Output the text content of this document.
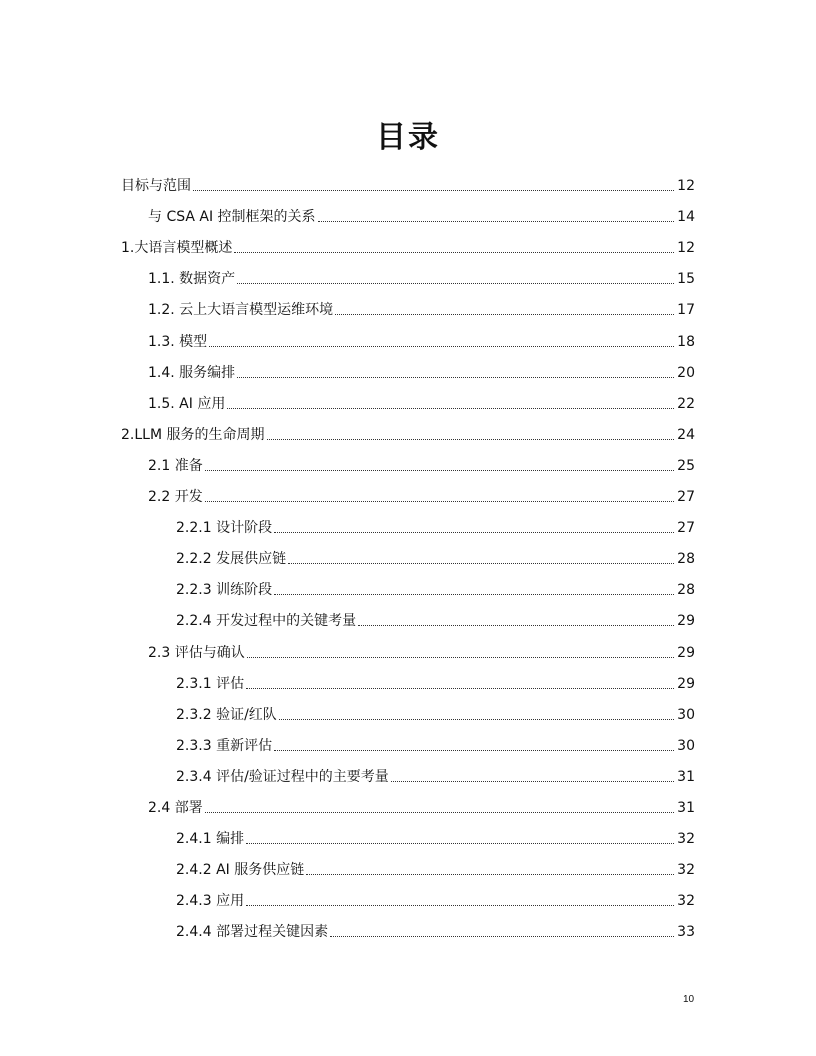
目录
目标与范围	12
与 CSA AI 控制框架的关系	14
1.大语言模型概述	12
1.1. 数据资产	15
1.2. 云上大语言模型运维环境	17
1.3. 模型	18
1.4. 服务编排	20
1.5. AI 应用	22
2.LLM 服务的生命周期	24
2.1 准备	25
2.2 开发	27
2.2.1 设计阶段	27
2.2.2 发展供应链	28
2.2.3 训练阶段	28
2.2.4 开发过程中的关键考量	29
2.3 评估与确认	29
2.3.1 评估	29
2.3.2 验证/红队	30
2.3.3 重新评估	30
2.3.4 评估/验证过程中的主要考量	31
2.4 部署	31
2.4.1 编排	32
2.4.2 AI 服务供应链	32
2.4.3 应用	32
2.4.4 部署过程关键因素	33
10
